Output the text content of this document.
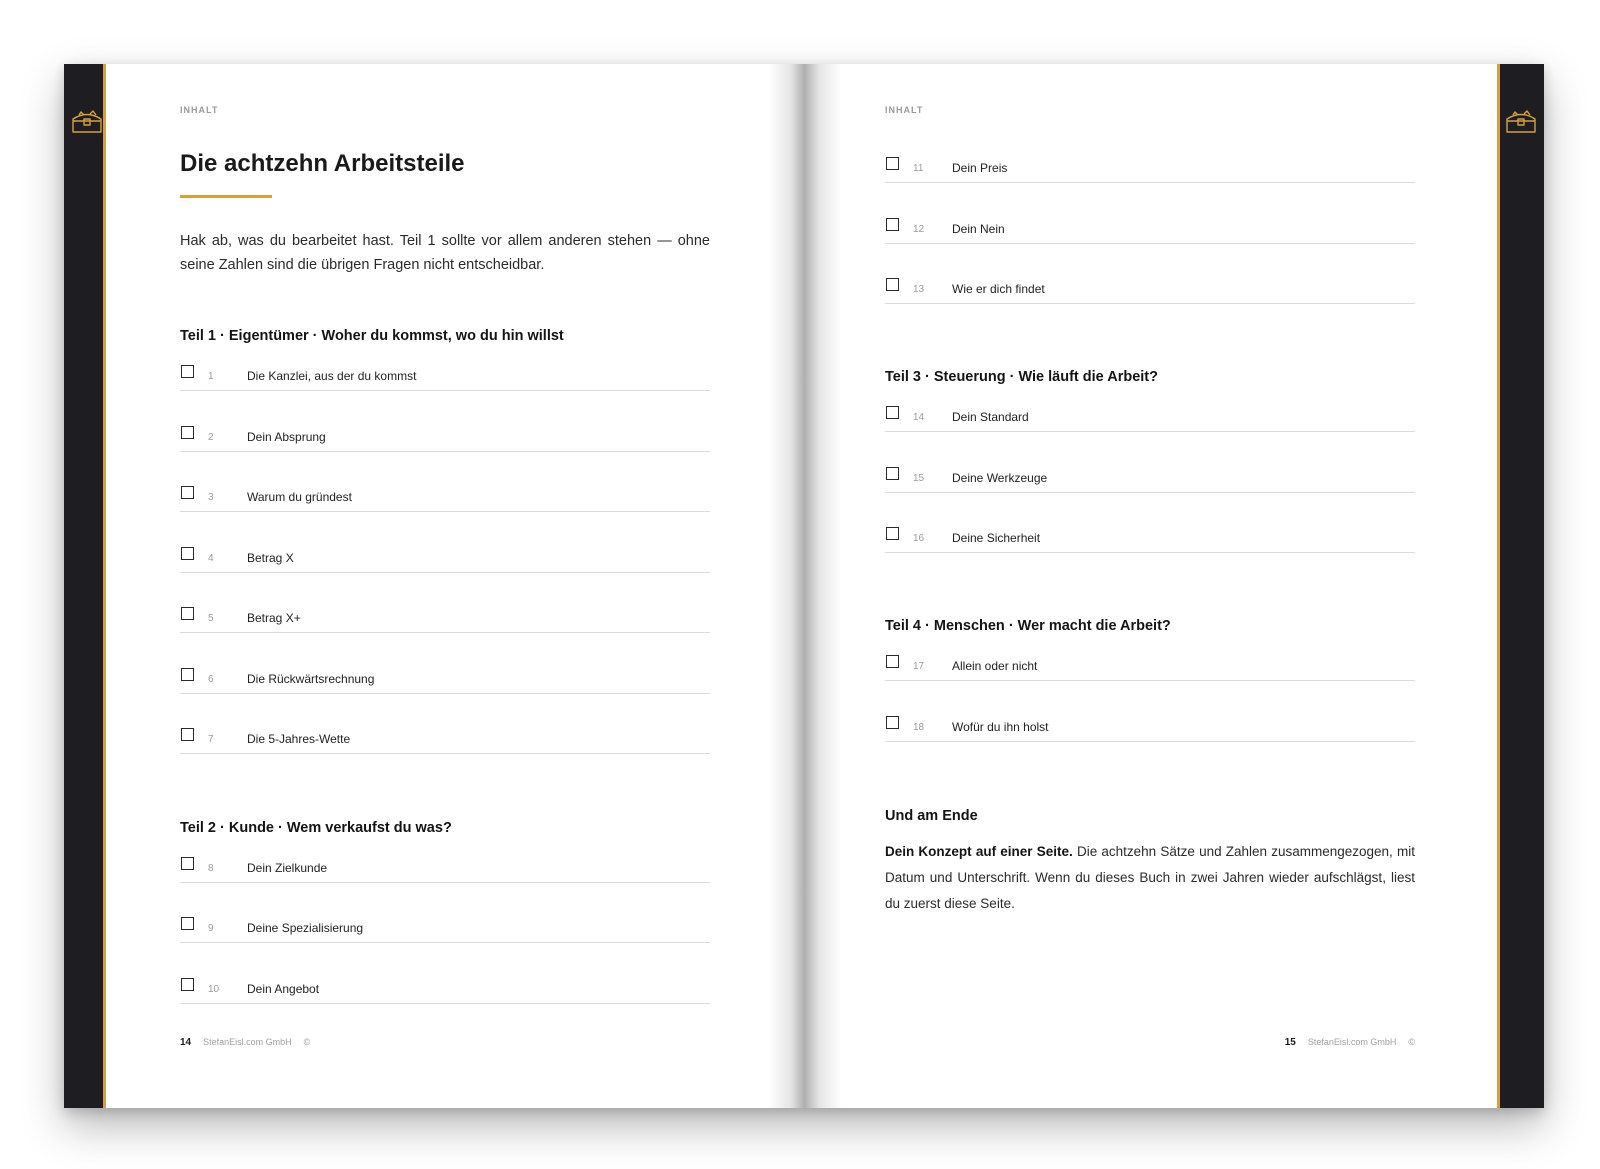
INHALT
Die achtzehn Arbeitsteile

Hak ab, was du bearbeitet hast. Teil 1 sollte vor allem anderen stehen — ohne seine Zahlen sind die übrigen Fragen nicht entscheidbar.

Teil 1 · Eigentümer · Woher du kommst, wo du hin willst
1	Die Kanzlei, aus der du kommst
2	Dein Absprung
3	Warum du gründest
4	Betrag X
5	Betrag X+
6	Die Rückwärtsrechnung
7	Die 5-Jahres-Wette
Teil 2 · Kunde · Wem verkaufst du was?
8	Dein Zielkunde
9	Deine Spezialisierung
10 Dein Angebot
14 StefanEisl.com GmbH ©
INHALT
11 Dein Preis
12 Dein Nein
13 Wie er dich findet
Teil 3 · Steuerung · Wie läuft die Arbeit?
14 Dein Standard
15 Deine Werkzeuge
16 Deine Sicherheit
Teil 4 · Menschen · Wer macht die Arbeit?
17 Allein oder nicht
18 Wofür du ihn holst
Und am Ende

Dein Konzept auf einer Seite. Die achtzehn Sätze und Zahlen zusammengezogen, mit Datum und Unterschrift. Wenn du dieses Buch in zwei Jahren wieder aufschlägst, liest du zuerst diese Seite.

15 StefanEisl.com GmbH ©
